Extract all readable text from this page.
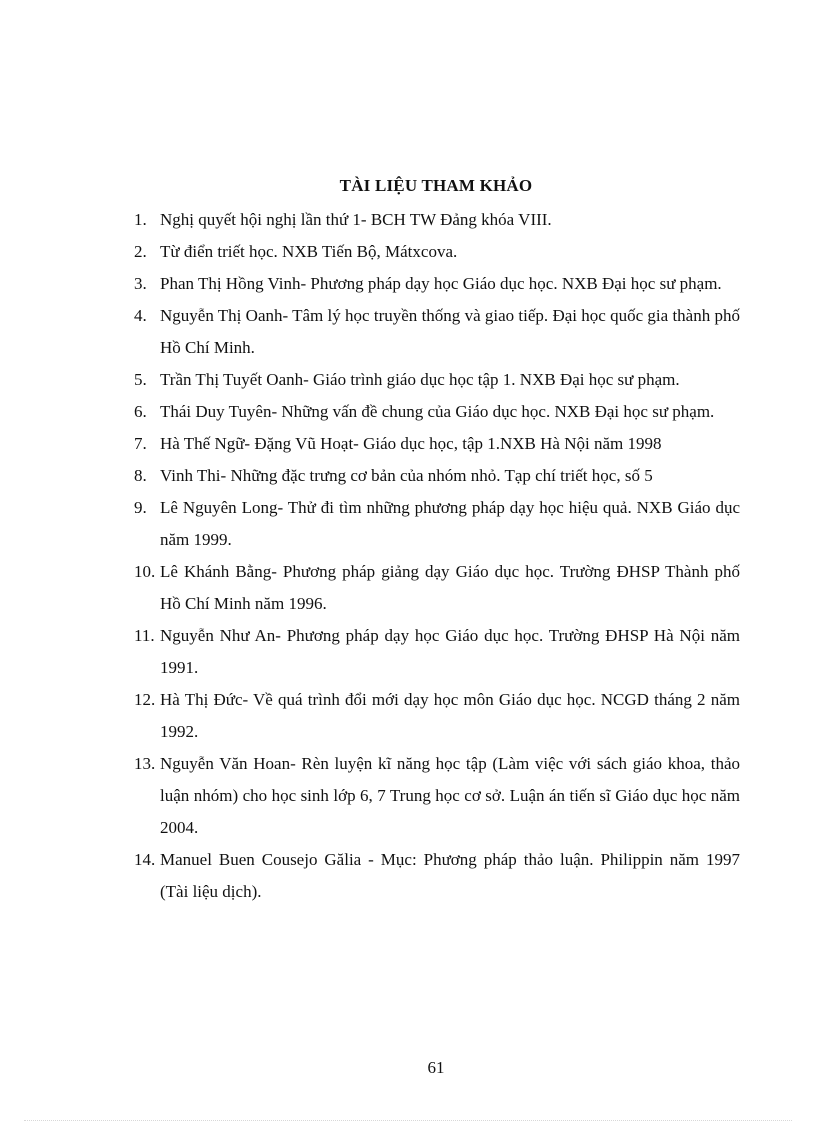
TÀI LIỆU THAM KHẢO
1. Nghị quyết hội nghị lần thứ 1- BCH TW Đảng khóa VIII.
2. Từ điển triết học. NXB Tiến Bộ, Mátxcova.
3. Phan Thị Hồng Vinh- Phương pháp dạy học Giáo dục học. NXB Đại học sư phạm.
4. Nguyễn Thị Oanh- Tâm lý học truyền thống và giao tiếp. Đại học quốc gia thành phố Hồ Chí Minh.
5. Trần Thị Tuyết Oanh- Giáo trình giáo dục học tập 1. NXB Đại học sư phạm.
6. Thái Duy Tuyên- Những vấn đề chung của Giáo dục học. NXB Đại học sư phạm.
7. Hà Thế Ngữ- Đặng Vũ Hoạt- Giáo dục học, tập 1.NXB Hà Nội năm 1998
8. Vinh Thi- Những đặc trưng cơ bản của nhóm nhỏ. Tạp chí triết học, số 5
9. Lê Nguyên Long- Thử đi tìm những phương pháp dạy học hiệu quả. NXB Giáo dục năm 1999.
10. Lê Khánh Bằng- Phương pháp giảng dạy Giáo dục học. Trường ĐHSP Thành phố Hồ Chí Minh năm 1996.
11. Nguyễn Như An- Phương pháp dạy học Giáo dục học. Trường ĐHSP Hà Nội năm 1991.
12. Hà Thị Đức- Về quá trình đổi mới dạy học môn Giáo dục học. NCGD tháng 2 năm 1992.
13. Nguyễn Văn Hoan- Rèn luyện kĩ năng học tập (Làm việc với sách giáo khoa, thảo luận nhóm) cho học sinh lớp 6, 7 Trung học cơ sở. Luận án tiến sĩ Giáo dục học năm 2004.
14. Manuel Buen Cousejo Gălia - Mục: Phương pháp thảo luận. Philippin năm 1997 (Tài liệu dịch).
61
